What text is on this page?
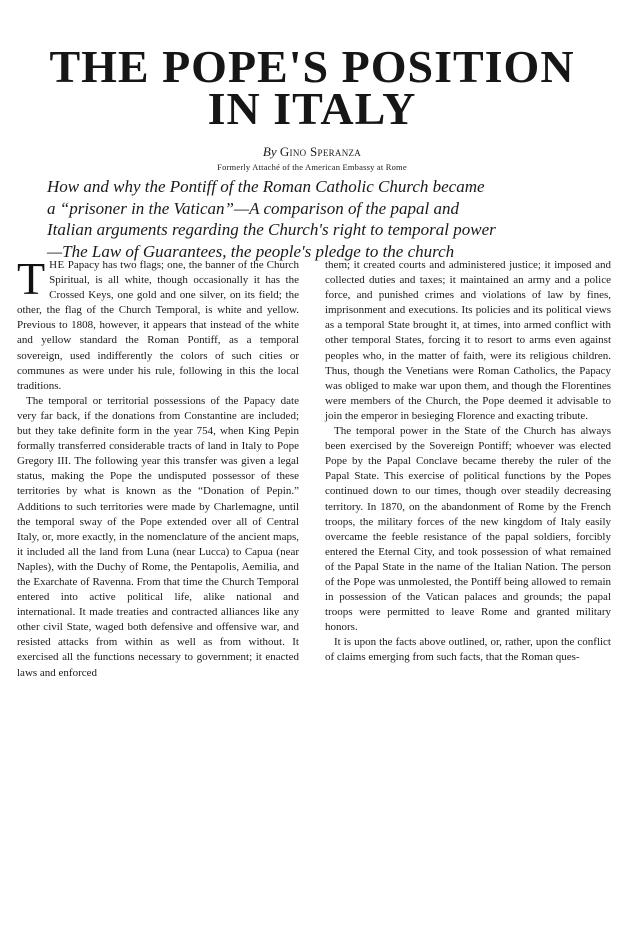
THE POPE'S POSITION
IN ITALY
By Gino Speranza
Formerly Attaché of the American Embassy at Rome

How and why the Pontiff of the Roman Catholic Church became

a “prisoner in the Vatican”—A comparison of the papal and

Italian arguments regarding the Church's right to temporal power

—The Law of Guarantees, the people's pledge to the church

THE Papacy has two flags; one, the banner of the Church Spiritual, is all white, though occasionally it has the Crossed Keys, one gold and one silver, on its field; the other, the flag of the Church Temporal, is white and yellow. Previous to 1808, however, it appears that instead of the white and yellow standard the Roman Pontiff, as a temporal sovereign, used indifferently the colors of such cities or communes as were under his rule, following in this the local traditions.

The temporal or territorial possessions of the Papacy date very far back, if the donations from Constantine are included; but they take definite form in the year 754, when King Pepin formally transferred considerable tracts of land in Italy to Pope Gregory III. The following year this transfer was given a legal status, making the Pope the undisputed possessor of these territories by what is known as the “Donation of Pepin.” Additions to such territories were made by Charlemagne, until the temporal sway of the Pope extended over all of Central Italy, or, more exactly, in the nomenclature of the ancient maps, it included all the land from Luna (near Lucca) to Capua (near Naples), with the Duchy of Rome, the Pentapolis, Aemilia, and the Exarchate of Ravenna. From that time the Church Temporal entered into active political life, alike national and international. It made treaties and contracted alliances like any other civil State, waged both defensive and offensive war, and resisted attacks from within as well as from without. It exercised all the functions necessary to government; it enacted laws and enforced

them; it created courts and administered justice; it imposed and collected duties and taxes; it maintained an army and a police force, and punished crimes and violations of law by fines, imprisonment and executions. Its policies and its political views as a temporal State brought it, at times, into armed conflict with other temporal States, forcing it to resort to arms even against peoples who, in the matter of faith, were its religious children. Thus, though the Venetians were Roman Catholics, the Papacy was obliged to make war upon them, and though the Florentines were members of the Church, the Pope deemed it advisable to join the emperor in besieging Florence and exacting tribute.

The temporal power in the State of the Church has always been exercised by the Sovereign Pontiff; whoever was elected Pope by the Papal Conclave became thereby the ruler of the Papal State. This exercise of political functions by the Popes continued down to our times, though over steadily decreasing territory. In 1870, on the abandonment of Rome by the French troops, the military forces of the new kingdom of Italy easily overcame the feeble resistance of the papal soldiers, forcibly entered the Eternal City, and took possession of what remained of the Papal State in the name of the Italian Nation. The person of the Pope was unmolested, the Pontiff being allowed to remain in possession of the Vatican palaces and grounds; the papal troops were permitted to leave Rome and granted military honors.

It is upon the facts above outlined, or, rather, upon the conflict of claims emerging from such facts, that the Roman ques-
